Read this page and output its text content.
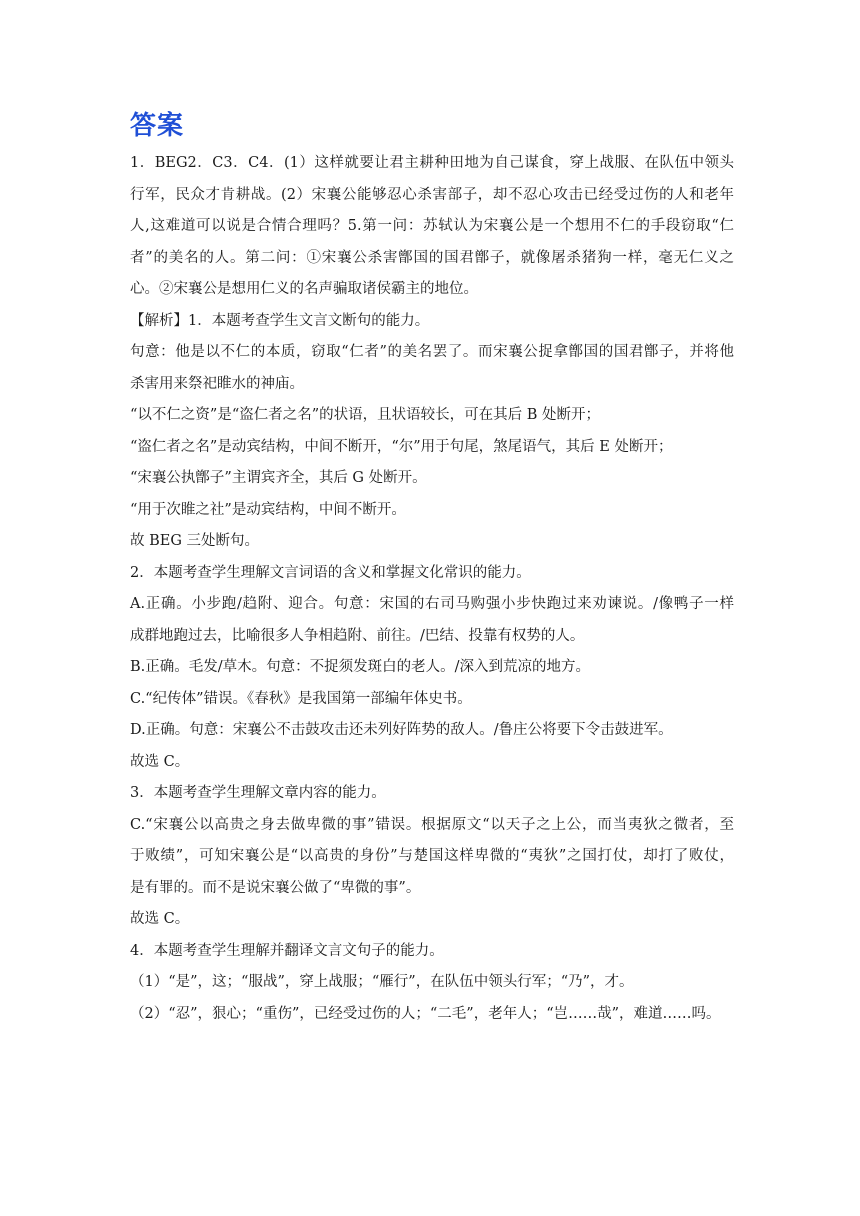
答案
1．BEG2．C3．C4．(1）这样就要让君主耕种田地为自己谋食，穿上战服、在队伍中领头
行军，民众才肯耕战。(2）宋襄公能够忍心杀害部子，却不忍心攻击已经受过伤的人和老年
人,这难道可以说是合情合理吗？5.第一问：苏轼认为宋襄公是一个想用不仁的手段窃取“仁
者”的美名的人。第二问：①宋襄公杀害鄫国的国君鄫子，就像屠杀猪狗一样，毫无仁义之
心。②宋襄公是想用仁义的名声骗取诸侯霸主的地位。
【解析】1．本题考查学生文言文断句的能力。
句意：他是以不仁的本质，窃取“仁者”的美名罢了。而宋襄公捉拿鄫国的国君鄫子，并将他
杀害用来祭祀睢水的神庙。
“以不仁之资”是“盗仁者之名”的状语，且状语较长，可在其后 B 处断开；
“盗仁者之名”是动宾结构，中间不断开，“尔”用于句尾，煞尾语气，其后 E 处断开；
“宋襄公执鄫子”主谓宾齐全，其后 G 处断开。
“用于次睢之社”是动宾结构，中间不断开。
故 BEG 三处断句。
2．本题考查学生理解文言词语的含义和掌握文化常识的能力。
A.正确。小步跑/趋附、迎合。句意：宋国的右司马购强小步快跑过来劝谏说。/像鸭子一样
成群地跑过去，比喻很多人争相趋附、前往。/巴结、投靠有权势的人。
B.正确。毛发/草木。句意：不捉须发斑白的老人。/深入到荒凉的地方。
C.“纪传体”错误。《春秋》是我国第一部编年体史书。
D.正确。句意：宋襄公不击鼓攻击还未列好阵势的敌人。/鲁庄公将要下令击鼓进军。
故选 C。
3．本题考查学生理解文章内容的能力。
C.“宋襄公以高贵之身去做卑微的事”错误。根据原文“以天子之上公，而当夷狄之微者，至
于败绩”，可知宋襄公是“以高贵的身份”与楚国这样卑微的“夷狄”之国打仗，却打了败仗，
是有罪的。而不是说宋襄公做了“卑微的事”。
故选 C。
4．本题考查学生理解并翻译文言文句子的能力。
（1）“是”，这；“服战”，穿上战服；“雁行”，在队伍中领头行军；“乃”，才。
（2）“忍”，狠心；“重伤”，已经受过伤的人；“二毛”，老年人；“岂……哉”，难道……吗。
